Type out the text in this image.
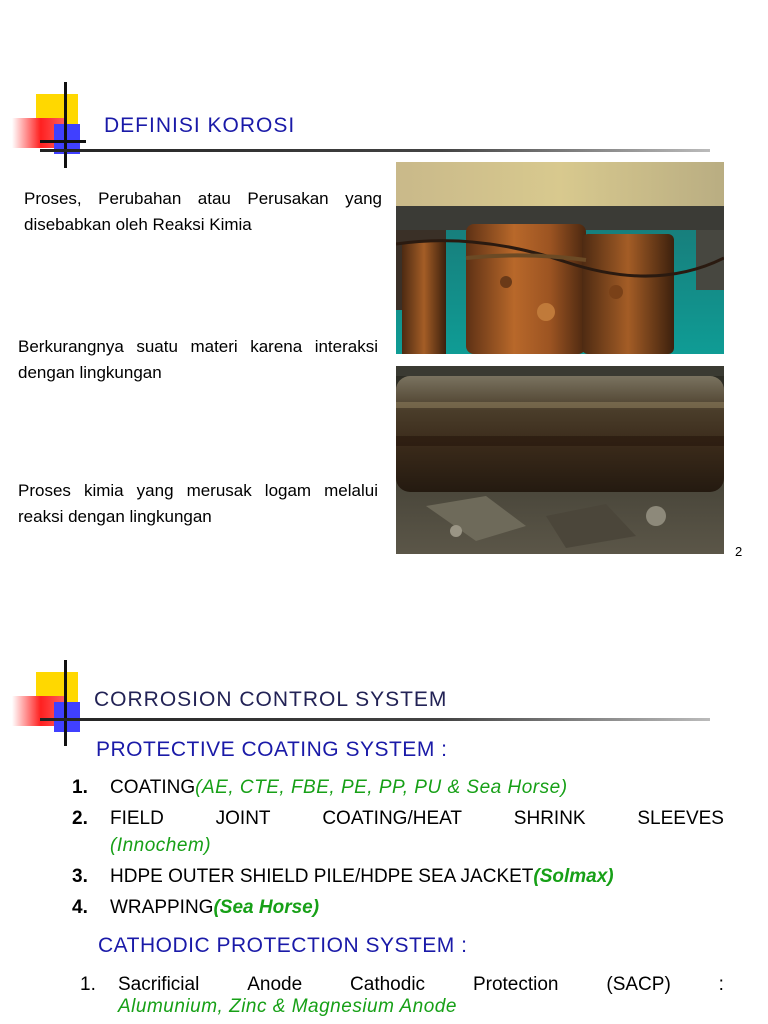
DEFINISI KOROSI
Proses, Perubahan atau Perusakan yang disebabkan oleh Reaksi Kimia
Berkurangnya suatu materi karena interaksi dengan lingkungan
Proses kimia yang merusak logam melalui reaksi dengan lingkungan
2
CORROSION CONTROL SYSTEM
PROTECTIVE COATING SYSTEM :
1. COATING(AE, CTE, FBE, PE, PP, PU & Sea Horse)
2. FIELD	JOINT	COATING/HEAT	SHRINK	SLEEVES
(Innochem)
3. HDPE OUTER SHIELD PILE/HDPE SEA JACKET(Solmax)
4. WRAPPING(Sea Horse)
CATHODIC PROTECTION SYSTEM :
1. Sacrificial	Anode	Cathodic	Protection	(SACP)	:
Alumunium, Zinc & Magnesium Anode
